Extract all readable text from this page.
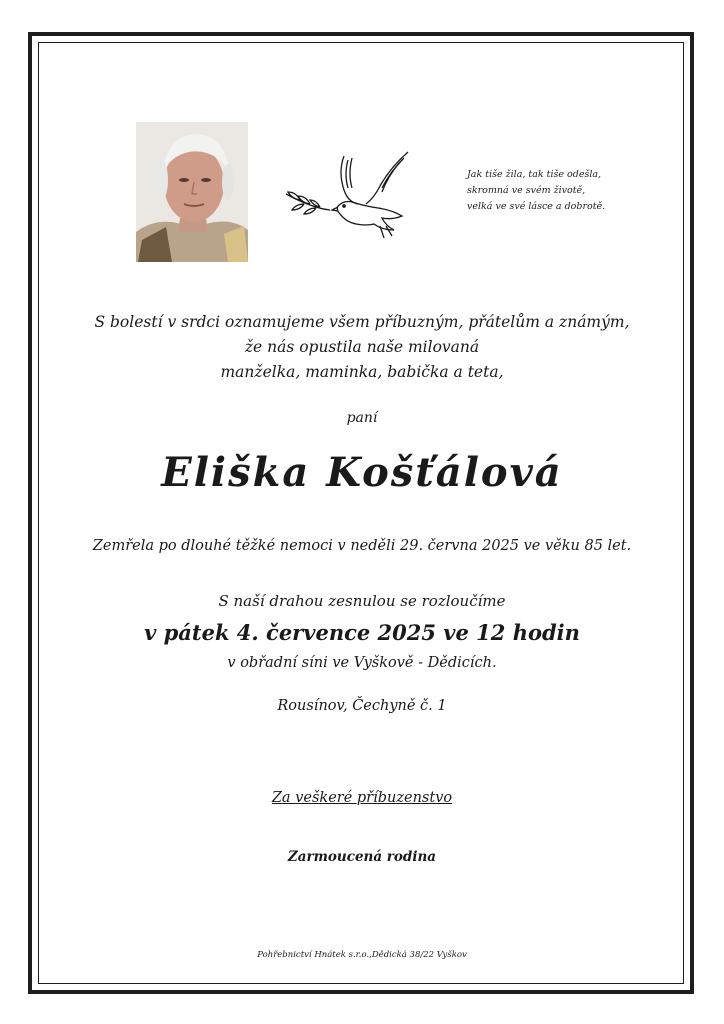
Jak tiše žila, tak tiše odešla,
skromná ve svém životě,
velká ve své lásce a dobrotě.
S bolestí v srdci oznamujeme všem příbuzným, přátelům a známým,
že nás opustila naše milovaná
manželka, maminka, babička a teta,
paní
Eliška Košťálová
Zemřela po dlouhé těžké nemoci v neděli 29. června 2025 ve věku 85 let.
S naší drahou zesnulou se rozloučíme
v pátek 4. července 2025 ve 12 hodin
v obřadní síni ve Vyškově - Dědicích.
Rousínov, Čechyně č. 1
Za veškeré příbuzenstvo
Zarmoucená rodina
Pohřebnictví Hnátek s.r.o.,Dědická 38/22 Vyškov
